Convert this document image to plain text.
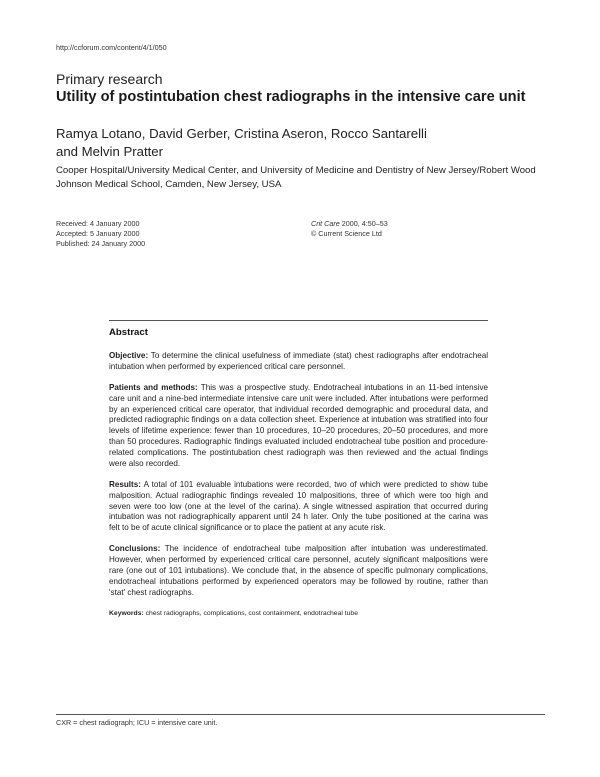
http://ccforum.com/content/4/1/050
Primary research
Utility of postintubation chest radiographs in the intensive care unit
Ramya Lotano, David Gerber, Cristina Aseron, Rocco Santarelli
and Melvin Pratter
Cooper Hospital/University Medical Center, and University of Medicine and Dentistry of New Jersey/Robert Wood Johnson Medical School, Camden, New Jersey, USA
Received: 4 January 2000
Accepted: 5 January 2000
Published: 24 January 2000
Crit Care 2000, 4:50–53
© Current Science Ltd
Abstract

Objective: To determine the clinical usefulness of immediate (stat) chest radiographs after endotracheal intubation when performed by experienced critical care personnel.

Patients and methods: This was a prospective study. Endotracheal intubations in an 11-bed intensive care unit and a nine-bed intermediate intensive care unit were included. After intubations were performed by an experienced critical care operator, that individual recorded demographic and procedural data, and predicted radiographic findings on a data collection sheet. Experience at intubation was stratified into four levels of lifetime experience: fewer than 10 procedures, 10–20 procedures, 20–50 procedures, and more than 50 procedures. Radiographic findings evaluated included endotracheal tube position and procedure-related complications. The postintubation chest radiograph was then reviewed and the actual findings were also recorded.

Results: A total of 101 evaluable intubations were recorded, two of which were predicted to show tube malposition. Actual radiographic findings revealed 10 malpositions, three of which were too high and seven were too low (one at the level of the carina). A single witnessed aspiration that occurred during intubation was not radiographically apparent until 24 h later. Only the tube positioned at the carina was felt to be of acute clinical significance or to place the patient at any acute risk.

Conclusions: The incidence of endotracheal tube malposition after intubation was underestimated. However, when performed by experienced critical care personnel, acutely significant malpositions were rare (one out of 101 intubations). We conclude that, in the absence of specific pulmonary complications, endotracheal intubations performed by experienced operators may be followed by routine, rather than 'stat' chest radiographs.

Keywords: chest radiographs, complications, cost containment, endotracheal tube
CXR = chest radiograph; ICU = intensive care unit.
